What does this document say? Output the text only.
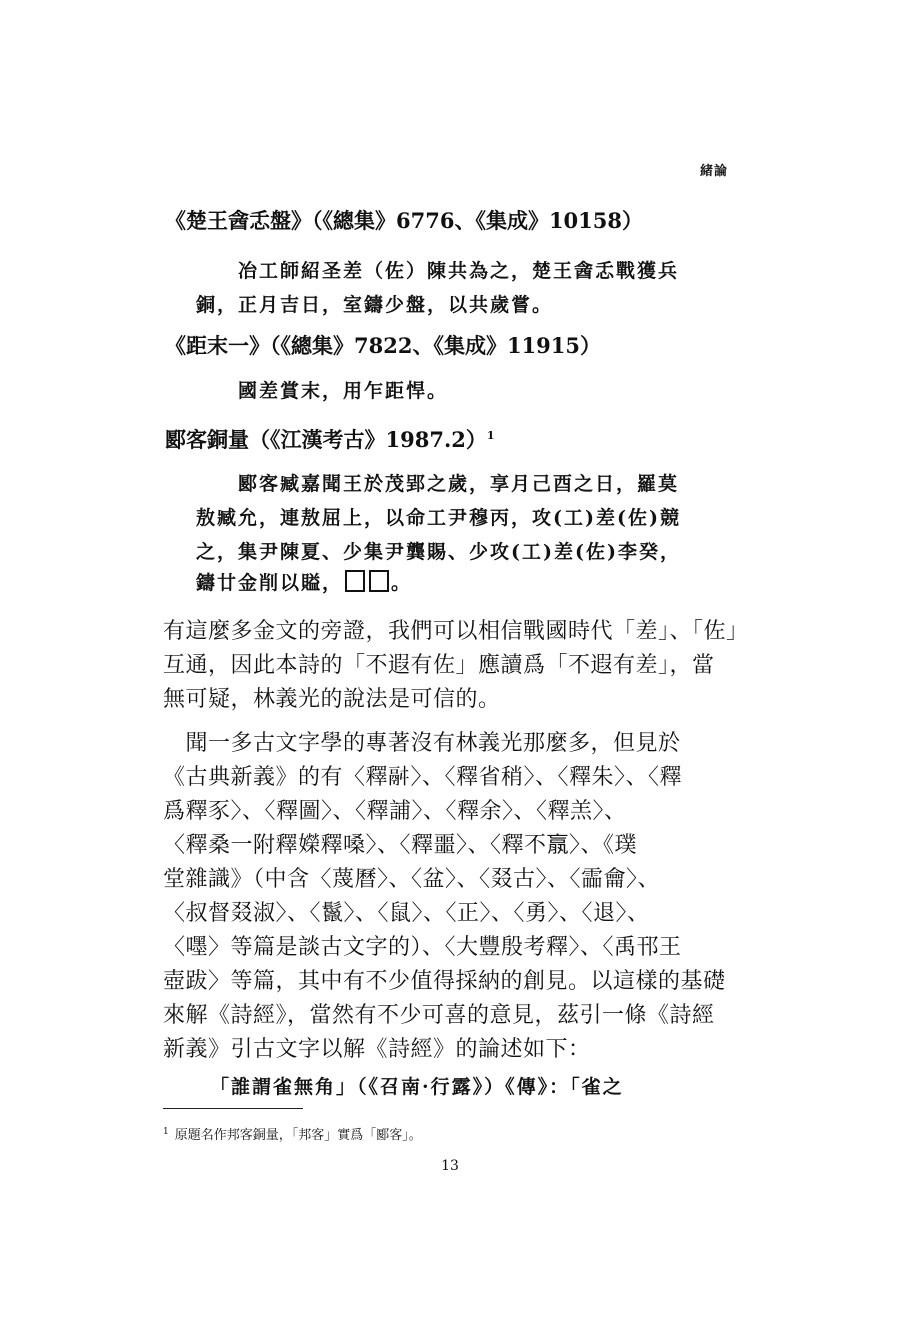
緒論
《楚王酓忎盤》（《總集》6776、《集成》10158）
冶工師紹圣差（佐）陳共為之，楚王酓忎戰獲兵
銅，正月吉日，室鑄少盤，以共歲嘗。
《距末一》（《總集》7822、《集成》11915）
國差賞末，用乍距悍。
郾客銅量（《江漢考古》1987.2）$^1$
郾客臧嘉聞王於茂郢之歲，享月己酉之日，羅莫
敖臧允，連敖屈上，以命工尹穆丙，攻(工)差(佐)競
之，集尹陳夏、少集尹龔賜、少攻(工)差(佐)李癸，
鑄廿金削以賹，	。
有這麼多金文的旁證，我們可以相信戰國時代「差」、「佐」
互通，因此本詩的「不遐有佐」應讀爲「不遐有差」，當
無可疑，林義光的說法是可信的。
　聞一多古文字學的專著沒有林義光那麼多，但見於
《古典新義》的有〈釋𩰫〉、〈釋省稍〉、〈釋朱〉、〈釋
爲釋豕〉、〈釋圖〉、〈釋誧〉、〈釋余〉、〈釋羔〉、
〈釋桑一附釋嬫釋嗓〉、〈釋噩〉、〈釋不𣎆〉、《璞
堂雜識》（中含〈蔑曆〉、〈盆〉、〈叕古〉、〈霝龠〉、
〈叔督叕淑〉、〈鬣〉、〈鼠〉、〈正〉、〈勇〉、〈退〉、
〈嚜〉等篇是談古文字的）、〈大豐殷考釋〉、〈禹邗王
壺跋〉等篇，其中有不少值得採納的創見。以這樣的基礎
來解《詩經》，當然有不少可喜的意見，茲引一條《詩經
新義》引古文字以解《詩經》的論述如下：
「誰謂雀無角」（《召南·行露》）《傳》：「雀之
$^1$ 原題名作邦客銅量，「邦客」實爲「郾客」。
13
